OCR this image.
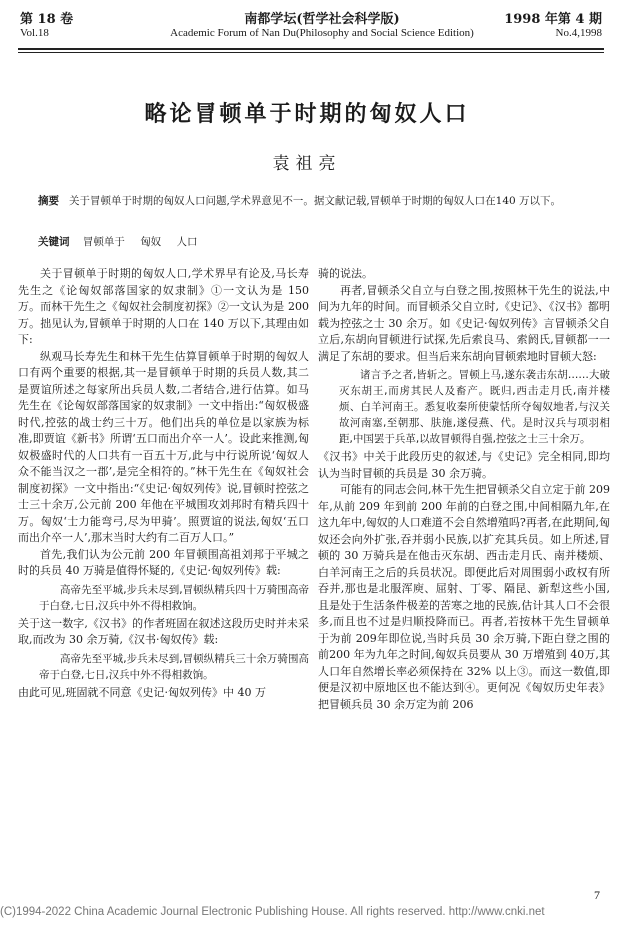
第 18 卷
Vol.18
南都学坛(哲学社会科学版)
Academic Forum of Nan Du(Philosophy and Social Science Edition)
1998 年第 4 期
No.4,1998
略论冒顿单于时期的匈奴人口
袁祖亮
摘要 关于冒顿单于时期的匈奴人口问题,学术界意见不一。据文献记载,冒顿单于时期的匈奴人口在140 万以下。
关键词 冒顿单于 匈奴 人口

关于冒顿单于时期的匈奴人口,学术界早有论及,马长寿先生之《论匈奴部落国家的奴隶制》①一文认为是 150 万。而林干先生之《匈奴社会制度初探》②一文认为是 200 万。拙见认为,冒顿单于时期的人口在 140 万以下,其理由如下:

纵观马长寿先生和林干先生估算冒顿单于时期的匈奴人口有两个重要的根据,其一是冒顿单于时期的兵员人数,其二是贾谊所述之每家所出兵员人数,二者结合,进行估算。如马先生在《论匈奴部落国家的奴隶制》一文中指出:“匈奴极盛时代,控弦的战士约三十万。他们出兵的单位是以家族为标准,即贾谊《新书》所谓‘五口而出介卒一人’。设此来推测,匈奴极盛时代的人口共有一百五十万,此与中行说所说‘匈奴人众不能当汉之一郡’,是完全相符的。”林干先生在《匈奴社会制度初探》一文中指出:“《史记·匈奴列传》说,冒顿时控弦之士三十余万,公元前 200 年他在平城围攻刘邦时有精兵四十万。匈奴‘士力能弯弓,尽为甲骑’。照贾谊的说法,匈奴‘五口而出介卒一人’,那末当时大约有二百万人口。”

首先,我们认为公元前 200 年冒顿围高祖刘邦于平城之时的兵员 40 万骑是值得怀疑的,《史记·匈奴列传》载:

高帝先至平城,步兵未尽到,冒顿纵精兵四十万骑围高帝于白登,七日,汉兵中外不得相救饷。

关于这一数字,《汉书》的作者班固在叙述这段历史时并未采取,而改为 30 余万骑,《汉书·匈奴传》载:

高帝先至平城,步兵未尽到,冒顿纵精兵三十余万骑围高帝于白登,七日,汉兵中外不得相救饷。

由此可见,班固就不同意《史记·匈奴列传》中 40 万

骑的说法。

再者,冒顿杀父自立与白登之围,按照林干先生的说法,中间为九年的时间。而冒顿杀父自立时,《史记》、《汉书》都明载为控弦之士 30 余万。如《史记·匈奴列传》言冒顿杀父自立后,东胡向冒顿进行试探,先后索良马、索阏氏,冒顿都一一满足了东胡的要求。但当后来东胡向冒顿索地时冒顿大怒:

诸言予之者,皆斩之。冒顿上马,遂东袭击东胡……大破灭东胡王,而虏其民人及畜产。既归,西击走月氏,南并楼烦、白羊河南王。悉复收秦所使蒙恬所夺匈奴地者,与汉关故河南塞,至朝那、肤施,遂侵燕、代。是时汉兵与项羽相距,中国罢于兵革,以故冒顿得自强,控弦之士三十余万。

《汉书》中关于此段历史的叙述,与《史记》完全相同,即均认为当时冒顿的兵员是 30 余万骑。

可能有的同志会问,林干先生把冒顿杀父自立定于前 209 年,从前 209 年到前 200 年前的白登之围,中间相隔九年,在这九年中,匈奴的人口难道不会自然增殖吗?再者,在此期间,匈奴还会向外扩张,吞并弱小民族,以扩充其兵员。如上所述,冒顿的 30 万骑兵是在他击灭东胡、西击走月氏、南并楼烦、白羊河南王之后的兵员状况。即便此后对周围弱小政权有所吞并,那也是北服浑庾、屈射、丁零、隔昆、新犁这些小国,且是处于生活条件极差的苦寒之地的民族,估计其人口不会很多,而且也不过是归顺投降而已。再者,若按林干先生冒顿单于为前 209年即位说,当时兵员 30 余万骑,下距白登之围的前200 年为九年之时间,匈奴兵员要从 30 万增殖到 40万,其人口年自然增长率必须保持在 32% 以上③。而这一数值,即便是汉初中原地区也不能达到④。更何况《匈奴历史年表》把冒顿兵员 30 余万定为前 206

7
(C)1994-2022 China Academic Journal Electronic Publishing House. All rights reserved. http://www.cnki.net
